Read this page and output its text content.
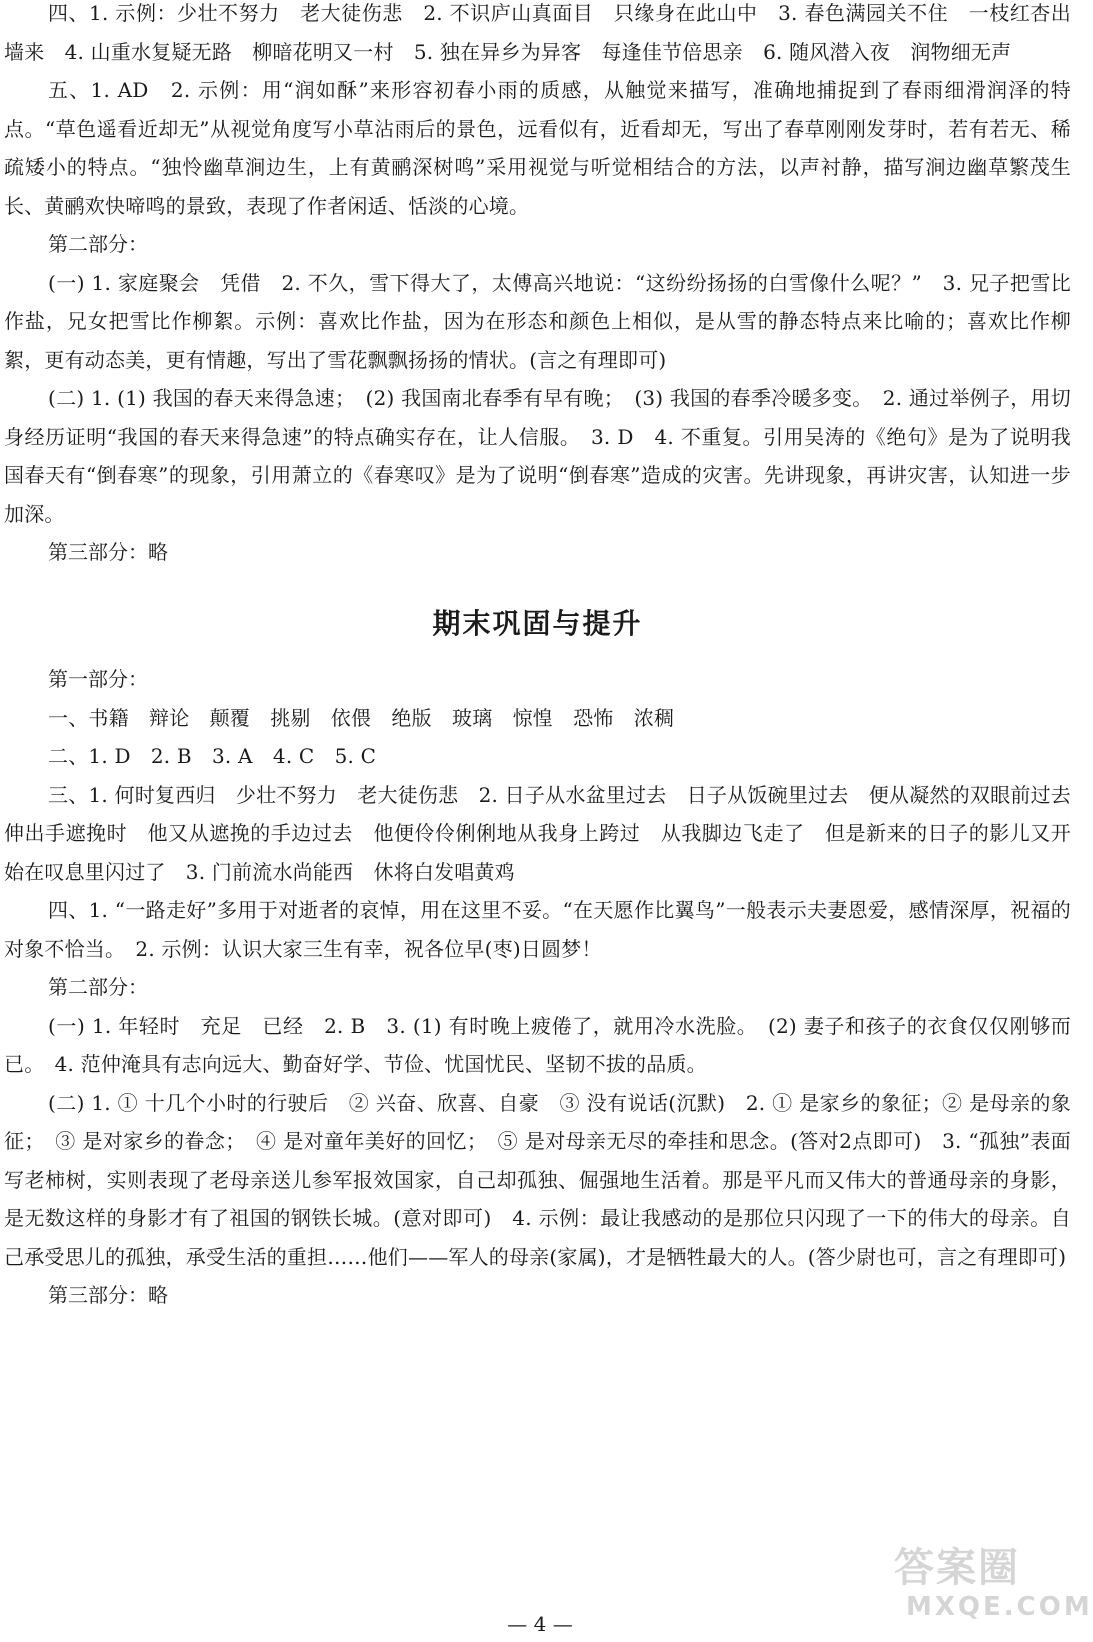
四、1. 示例：少壮不努力　老大徒伤悲　2. 不识庐山真面目　只缘身在此山中　3. 春色满园关不住　一枝红杏出墙来　4. 山重水复疑无路　柳暗花明又一村　5. 独在异乡为异客　每逢佳节倍思亲　6. 随风潜入夜　润物细无声

五、1. AD　2. 示例：用“润如酥”来形容初春小雨的质感，从触觉来描写，准确地捕捉到了春雨细滑润泽的特点。“草色遥看近却无”从视觉角度写小草沾雨后的景色，远看似有，近看却无，写出了春草刚刚发芽时，若有若无、稀疏矮小的特点。“独怜幽草涧边生，上有黄鹂深树鸣”采用视觉与听觉相结合的方法，以声衬静，描写涧边幽草繁茂生长、黄鹂欢快啼鸣的景致，表现了作者闲适、恬淡的心境。

第二部分：

(一) 1. 家庭聚会　凭借　2. 不久，雪下得大了，太傅高兴地说：“这纷纷扬扬的白雪像什么呢？”　3. 兄子把雪比作盐，兄女把雪比作柳絮。示例：喜欢比作盐，因为在形态和颜色上相似，是从雪的静态特点来比喻的；喜欢比作柳絮，更有动态美，更有情趣，写出了雪花飘飘扬扬的情状。(言之有理即可)

(二) 1. (1) 我国的春天来得急速；　(2) 我国南北春季有早有晚；　(3) 我国的春季冷暖多变。　2. 通过举例子，用切身经历证明“我国的春天来得急速”的特点确实存在，让人信服。　3. D　4. 不重复。引用吴涛的《绝句》是为了说明我国春天有“倒春寒”的现象，引用萧立的《春寒叹》是为了说明“倒春寒”造成的灾害。先讲现象，再讲灾害，认知进一步加深。

第三部分：略

期末巩固与提升

第一部分：

一、书籍　辩论　颠覆　挑剔　依偎　绝版　玻璃　惊惶　恐怖　浓稠

二、1. D　2. B　3. A　4. C　5. C

三、1. 何时复西归　少壮不努力　老大徒伤悲　2. 日子从水盆里过去　日子从饭碗里过去　便从凝然的双眼前过去　伸出手遮挽时　他又从遮挽的手边过去　他便伶伶俐俐地从我身上跨过　从我脚边飞走了　但是新来的日子的影儿又开始在叹息里闪过了　3. 门前流水尚能西　休将白发唱黄鸡

四、1. “一路走好”多用于对逝者的哀悼，用在这里不妥。“在天愿作比翼鸟”一般表示夫妻恩爱，感情深厚，祝福的对象不恰当。　2. 示例：认识大家三生有幸，祝各位早(枣)日圆梦！

第二部分：

(一) 1. 年轻时　充足　已经　2. B　3. (1) 有时晚上疲倦了，就用冷水洗脸。　(2) 妻子和孩子的衣食仅仅刚够而已。　4. 范仲淹具有志向远大、勤奋好学、节俭、忧国忧民、坚韧不拔的品质。

(二) 1. ① 十几个小时的行驶后　② 兴奋、欣喜、自豪　③ 没有说话(沉默)　2. ① 是家乡的象征；② 是母亲的象征；　③ 是对家乡的眷念；　④ 是对童年美好的回忆；　⑤ 是对母亲无尽的牵挂和思念。(答对2点即可)　3. “孤独”表面写老柿树，实则表现了老母亲送儿参军报效国家，自己却孤独、倔强地生活着。那是平凡而又伟大的普通母亲的身影，是无数这样的身影才有了祖国的钢铁长城。(意对即可)　4. 示例：最让我感动的是那位只闪现了一下的伟大的母亲。自己承受思儿的孤独，承受生活的重担……他们——军人的母亲(家属)，才是牺牲最大的人。(答少尉也可，言之有理即可)

第三部分：略

— 4 —
答案圈
MXQE.COM
